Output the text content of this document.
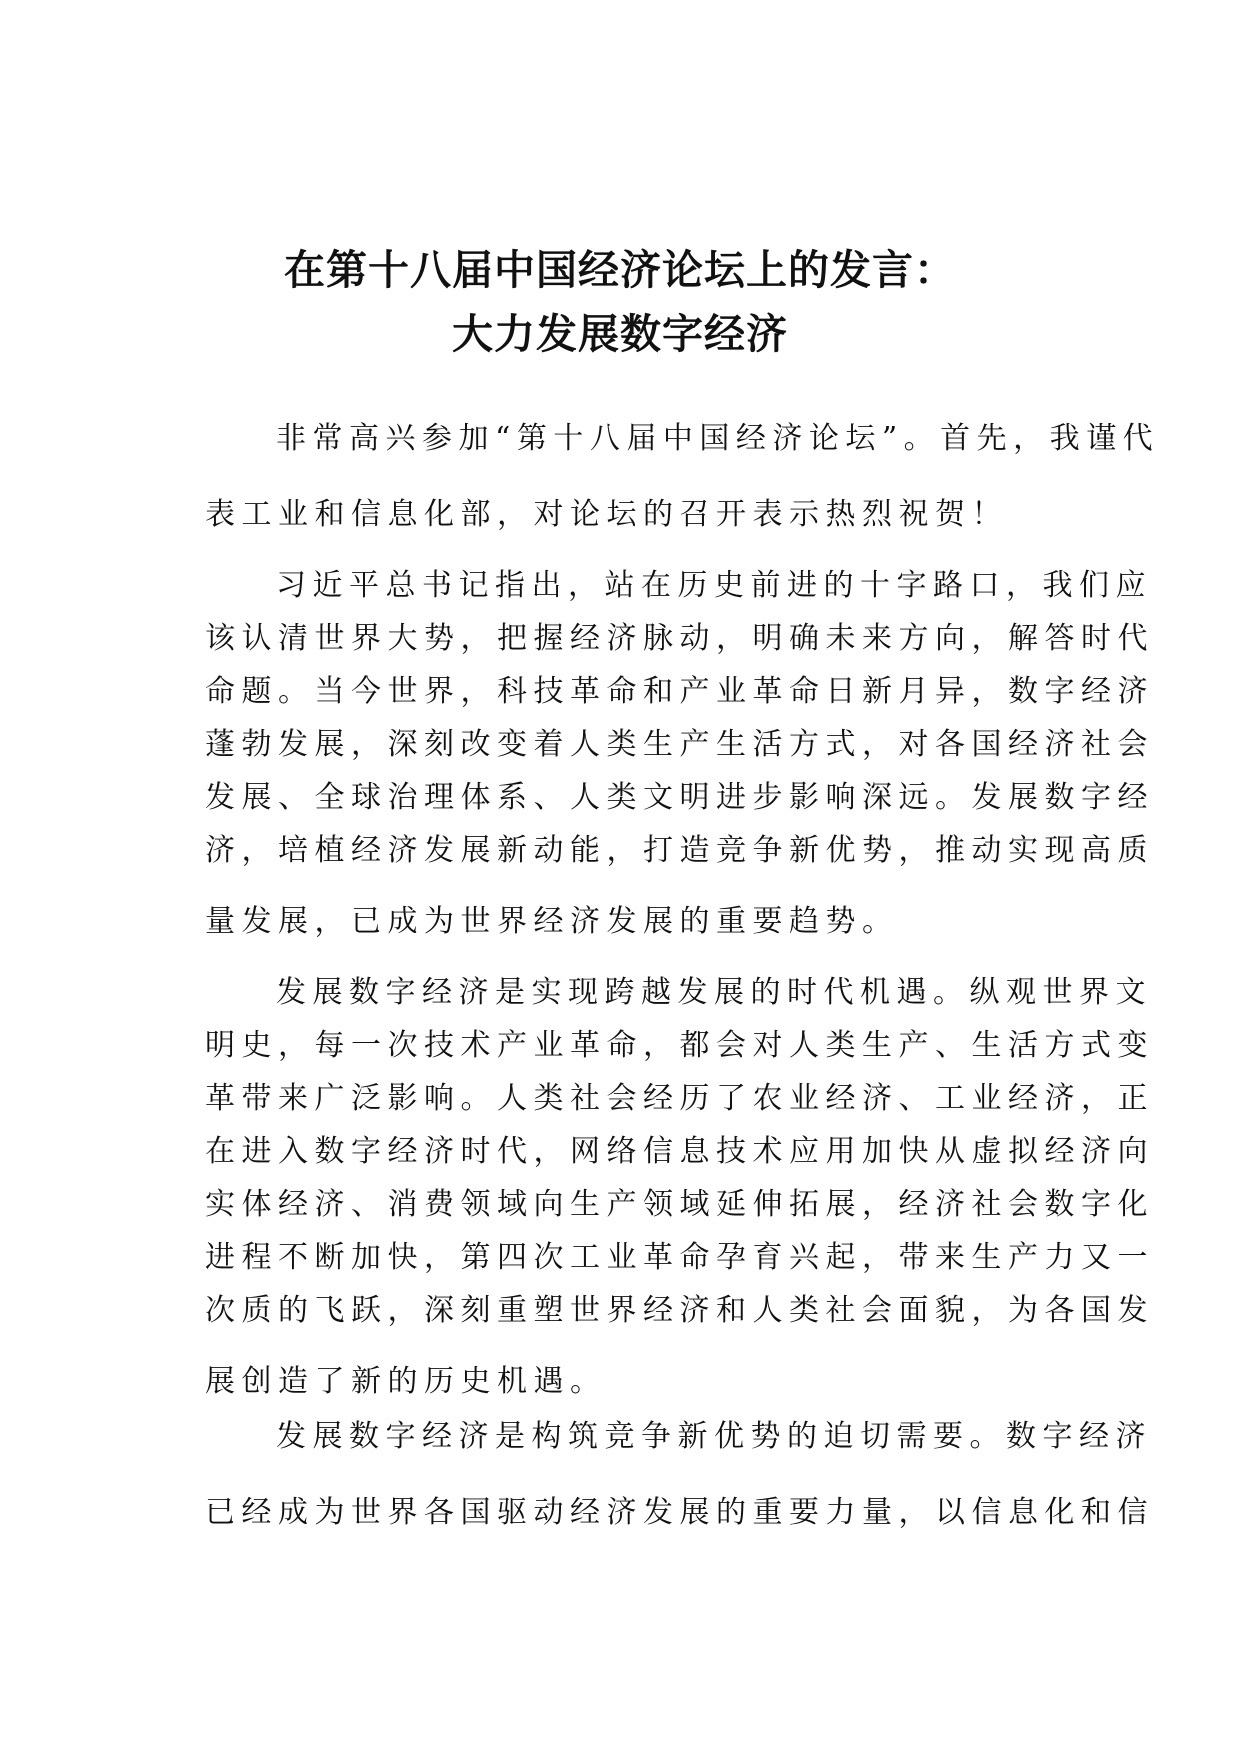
在第十八届中国经济论坛上的发言：
大力发展数字经济
非常高兴参加“第十八届中国经济论坛”。首先，我谨代
表工业和信息化部，对论坛的召开表示热烈祝贺！
习近平总书记指出，站在历史前进的十字路口，我们应
该认清世界大势，把握经济脉动，明确未来方向，解答时代
命题。当今世界，科技革命和产业革命日新月异，数字经济
蓬勃发展，深刻改变着人类生产生活方式，对各国经济社会
发展、全球治理体系、人类文明进步影响深远。发展数字经
济，培植经济发展新动能，打造竞争新优势，推动实现高质
量发展，已成为世界经济发展的重要趋势。
发展数字经济是实现跨越发展的时代机遇。纵观世界文
明史，每一次技术产业革命，都会对人类生产、生活方式变
革带来广泛影响。人类社会经历了农业经济、工业经济，正
在进入数字经济时代，网络信息技术应用加快从虚拟经济向
实体经济、消费领域向生产领域延伸拓展，经济社会数字化
进程不断加快，第四次工业革命孕育兴起，带来生产力又一
次质的飞跃，深刻重塑世界经济和人类社会面貌，为各国发
展创造了新的历史机遇。
发展数字经济是构筑竞争新优势的迫切需要。数字经济
已经成为世界各国驱动经济发展的重要力量，以信息化和信
